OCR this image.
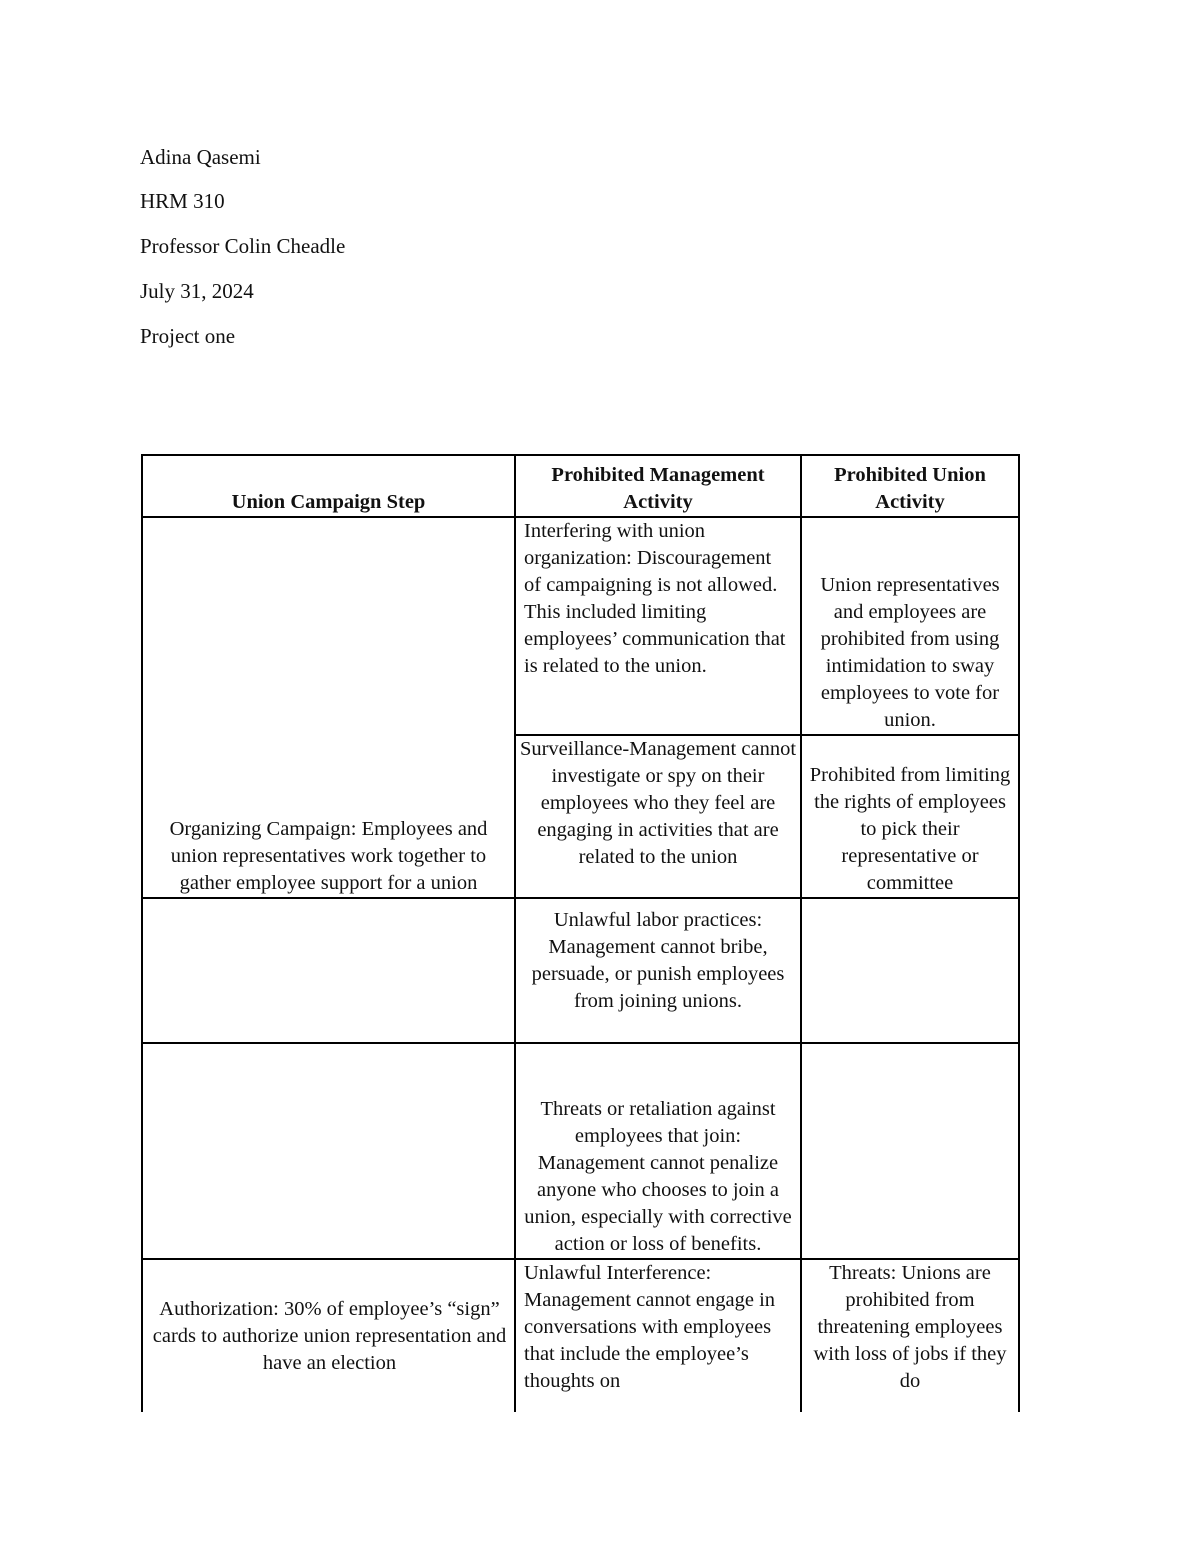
Adina Qasemi
HRM 310
Professor Colin Cheadle
July 31, 2024
Project one
Union Campaign Step
Prohibited Management Activity
Prohibited Union Activity
Organizing Campaign: Employees and union representatives work together to gather employee support for a union
Interfering with union organization: Discouragement of campaigning is not allowed. This included limiting employees’ communication that is related to the union.
Union representatives and employees are prohibited from using intimidation to sway employees to vote for union.
Surveillance-Management cannot investigate or spy on their employees who they feel are engaging in activities that are related to the union
Prohibited from limiting the rights of employees to pick their representative or committee
Unlawful labor practices: Management cannot bribe, persuade, or punish employees from joining unions.
Threats or retaliation against employees that join: Management cannot penalize anyone who chooses to join a union, especially with corrective action or loss of benefits.
Authorization: 30% of employee’s “sign” cards to authorize union representation and have an election
Unlawful Interference: Management cannot engage in conversations with employees that include the employee’s thoughts on
Threats: Unions are prohibited from threatening employees with loss of jobs if they do
